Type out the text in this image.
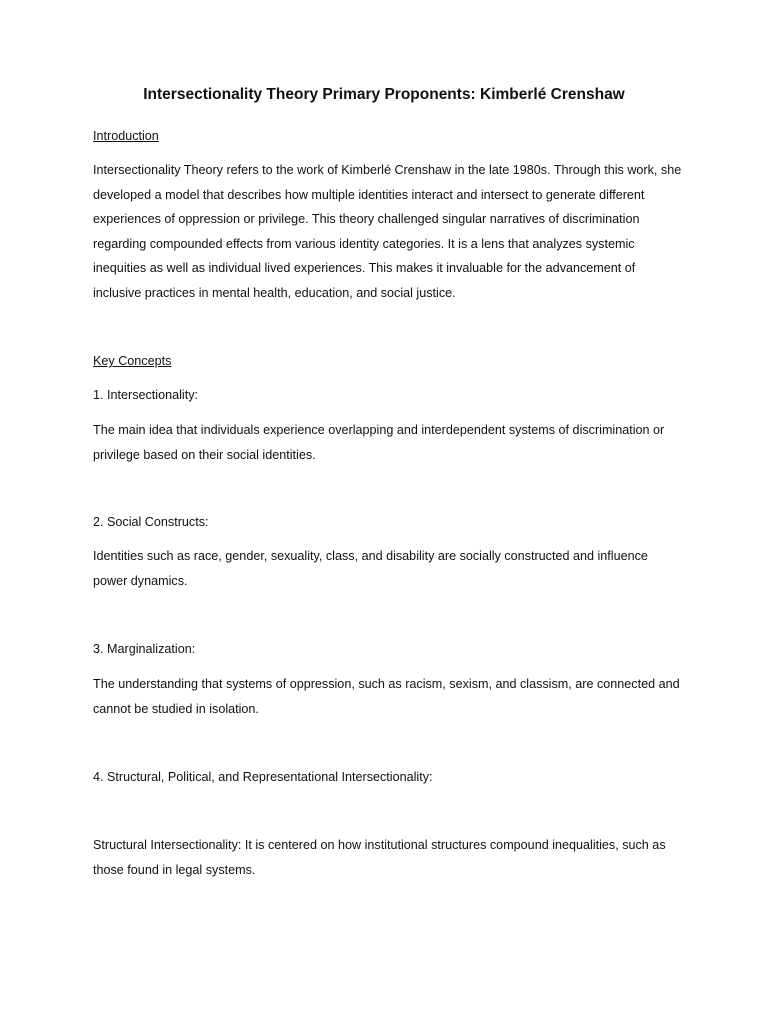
Intersectionality Theory Primary Proponents: Kimberlé Crenshaw
Introduction
Intersectionality Theory refers to the work of Kimberlé Crenshaw in the late 1980s. Through this work, she developed a model that describes how multiple identities interact and intersect to generate different experiences of oppression or privilege. This theory challenged singular narratives of discrimination regarding compounded effects from various identity categories. It is a lens that analyzes systemic inequities as well as individual lived experiences. This makes it invaluable for the advancement of inclusive practices in mental health, education, and social justice.
Key Concepts
1. Intersectionality:
The main idea that individuals experience overlapping and interdependent systems of discrimination or privilege based on their social identities.
2. Social Constructs:
Identities such as race, gender, sexuality, class, and disability are socially constructed and influence power dynamics.
3. Marginalization:
The understanding that systems of oppression, such as racism, sexism, and classism, are connected and cannot be studied in isolation.
4. Structural, Political, and Representational Intersectionality:
Structural Intersectionality: It is centered on how institutional structures compound inequalities, such as those found in legal systems.
